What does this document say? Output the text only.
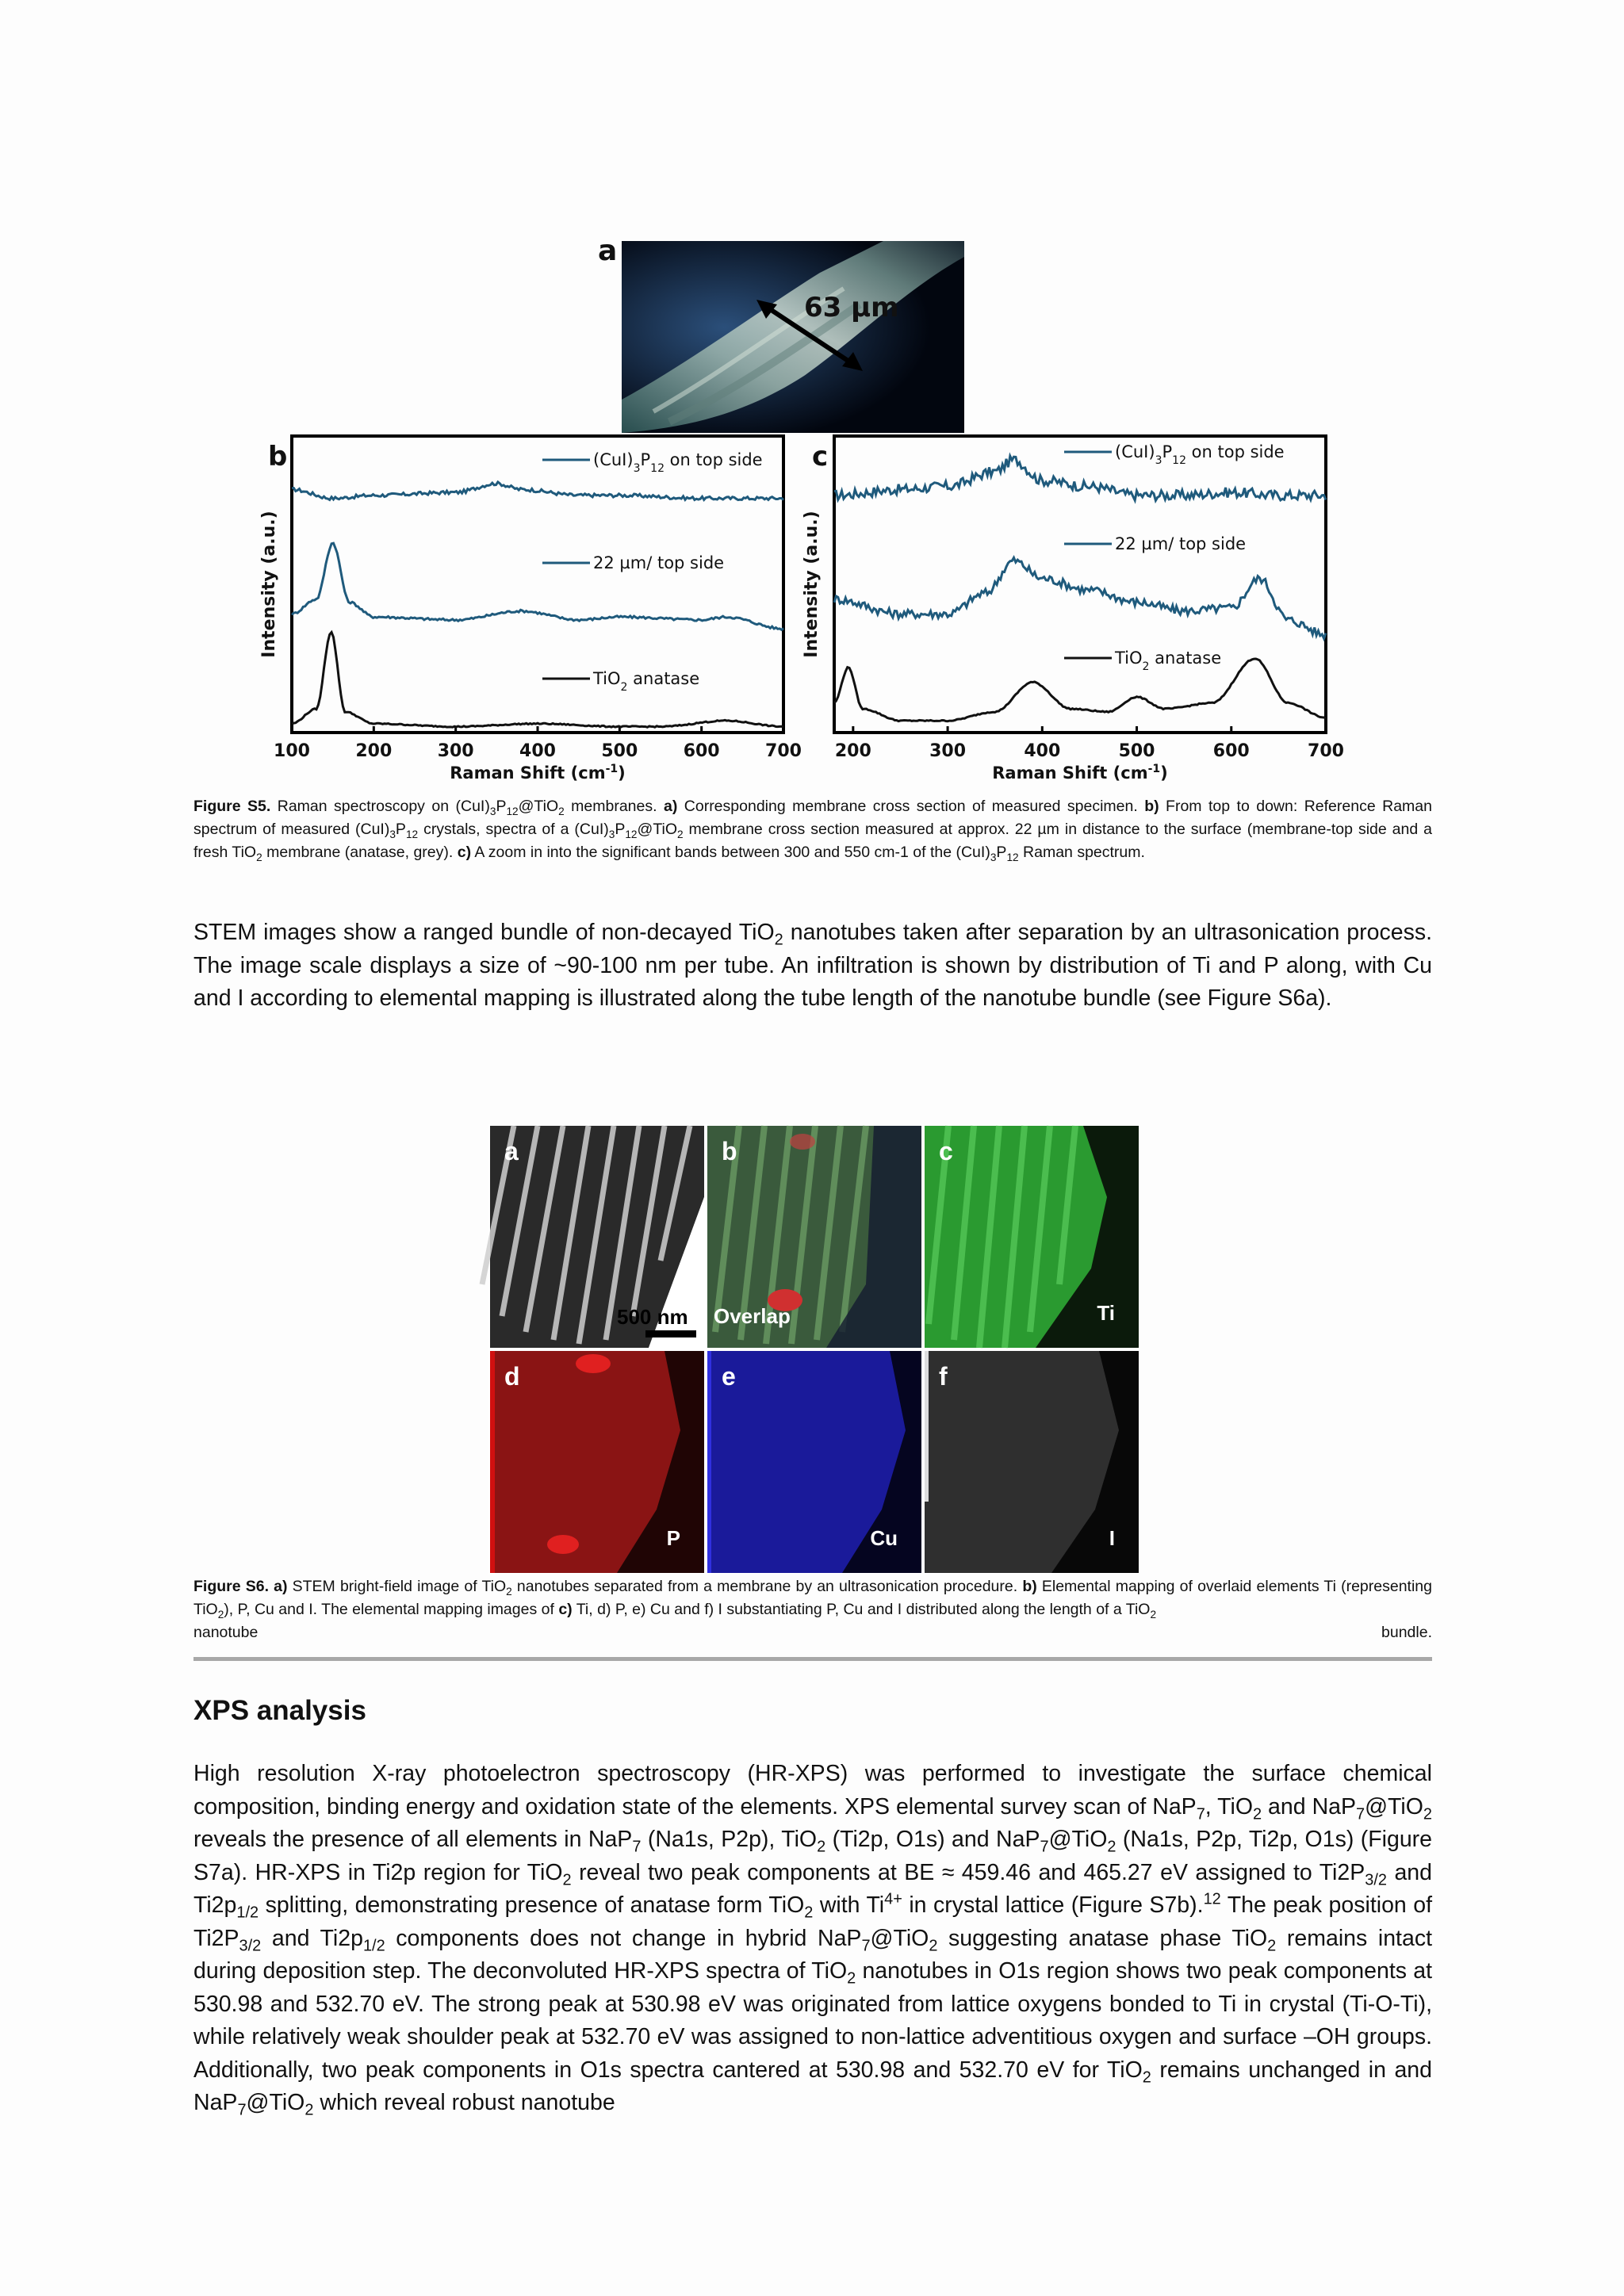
a
63 µm
b
Intensity (a.u.)
100	200	300	400	500	600	700
Raman Shift $(cm^{-1})$
$(CuI)_3P_{12}$ on top side
22 µm/ top side
TiO$_2$ anatase
c
Intensity (a.u.)
200	300	400	500	600	700
Raman Shift $(cm^{-1})$
$(CuI)_3P_{12}$ on top side
22 µm/ top side
TiO$_2$ anatase
Figure S5. Raman spectroscopy on $(CuI)_3P_{12}@TiO_2$ membranes. a) Corresponding membrane cross section of measured specimen. b) From top to down: Reference Raman spectrum of measured $(CuI)_3P_{12}$ crystals, spectra of a $(CuI)_3P_{12}@TiO_2$ membrane cross section measured at approx. 22 µm in distance to the surface (membrane-top side and a fresh TiO$_2$ membrane (anatase, grey). c) A zoom in into the significant bands between 300 and 550 cm-1 of the $(CuI)_3P_{12}$ Raman spectrum.
STEM images show a ranged bundle of non-decayed TiO$_2$ nanotubes taken after separation by an ultrasonication process. The image scale displays a size of ~90-100 nm per tube. An infiltration is shown by distribution of Ti and P along, with Cu and I according to elemental mapping is illustrated along the tube length of the nanotube bundle (see Figure S6a).
a
500 nm
b
Overlap
c
Ti
d
P
e
Cu
f
I
Figure S6. a) STEM bright-field image of TiO$_2$ nanotubes separated from a membrane by an ultrasonication procedure. b) Elemental mapping of overlaid elements Ti (representing TiO$_2$), P, Cu and I. The elemental mapping images of c) Ti, d) P, e) Cu and f) I substantiating P, Cu and I distributed along the length of a TiO$_2$
nanotube	bundle.
XPS analysis
High resolution X-ray photoelectron spectroscopy (HR-XPS) was performed to investigate the surface chemical composition, binding energy and oxidation state of the elements. XPS elemental survey scan of NaP$_7$, TiO$_2$ and NaP$_7$@TiO$_2$ reveals the presence of all elements in NaP$_7$ (Na1s, P2p), TiO$_2$ (Ti2p, O1s) and NaP$_7$@TiO$_2$ (Na1s, P2p, Ti2p, O1s) (Figure S7a). HR-XPS in Ti2p region for TiO$_2$ reveal two peak components at BE ≈ 459.46 and 465.27 eV assigned to $Ti2P_{3/2}$ and $Ti2p_{1/2}$ splitting, demonstrating presence of anatase form TiO$_2$ with $Ti^{4+}$ in crystal lattice (Figure S7b).$^{12}$ The peak position of $Ti2P_{3/2}$ and $Ti2p_{1/2}$ components does not change in hybrid NaP$_7$@TiO$_2$ suggesting anatase phase TiO$_2$ remains intact during deposition step. The deconvoluted HR-XPS spectra of TiO$_2$ nanotubes in O1s region shows two peak components at 530.98 and 532.70 eV. The strong peak at 530.98 eV was originated from lattice oxygens bonded to Ti in crystal (Ti-O-Ti), while relatively weak shoulder peak at 532.70 eV was assigned to non-lattice adventitious oxygen and surface –OH groups. Additionally, two peak components in O1s spectra cantered at 530.98 and 532.70 eV for TiO$_2$ remains unchanged in and NaP$_7$@TiO$_2$ which reveal robust nanotube
